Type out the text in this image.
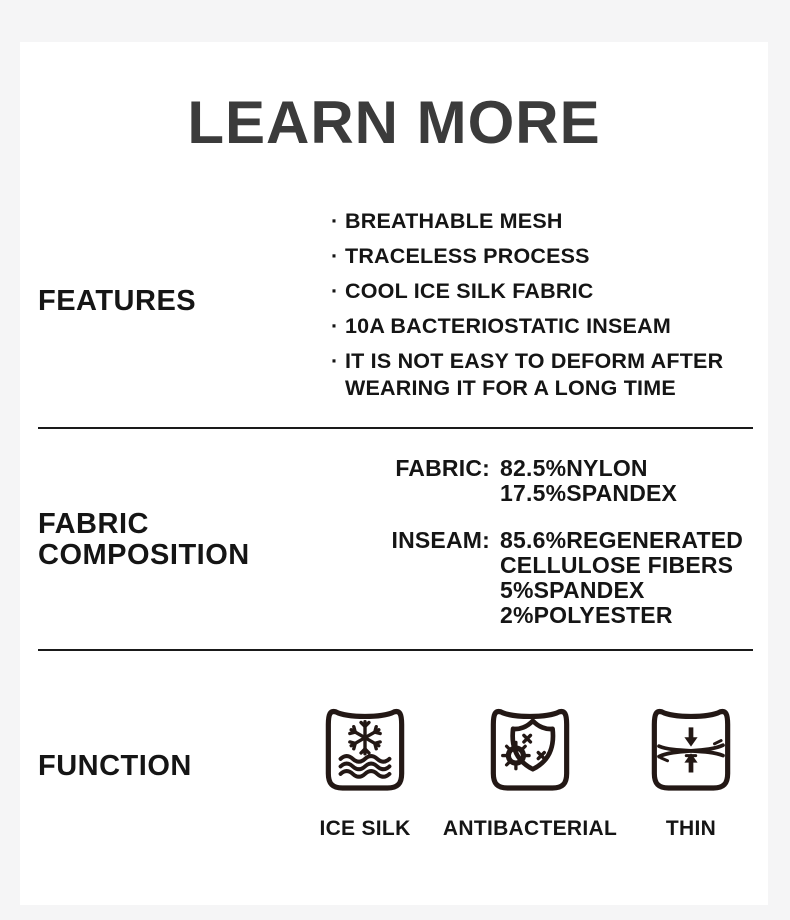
LEARN MORE
FEATURES
· BREATHABLE MESH
· TRACELESS PROCESS
· COOL ICE SILK FABRIC
· 10A BACTERIOSTATIC INSEAM
· IT IS NOT EASY TO DEFORM AFTER WEARING IT FOR A LONG TIME
FABRIC
COMPOSITION
FABRIC: 82.5%NYLON
17.5%SPANDEX
INSEAM: 85.6%REGENERATED
CELLULOSE FIBERS
5%SPANDEX
2%POLYESTER
FUNCTION
ICE SILK ANTIBACTERIAL THIN
